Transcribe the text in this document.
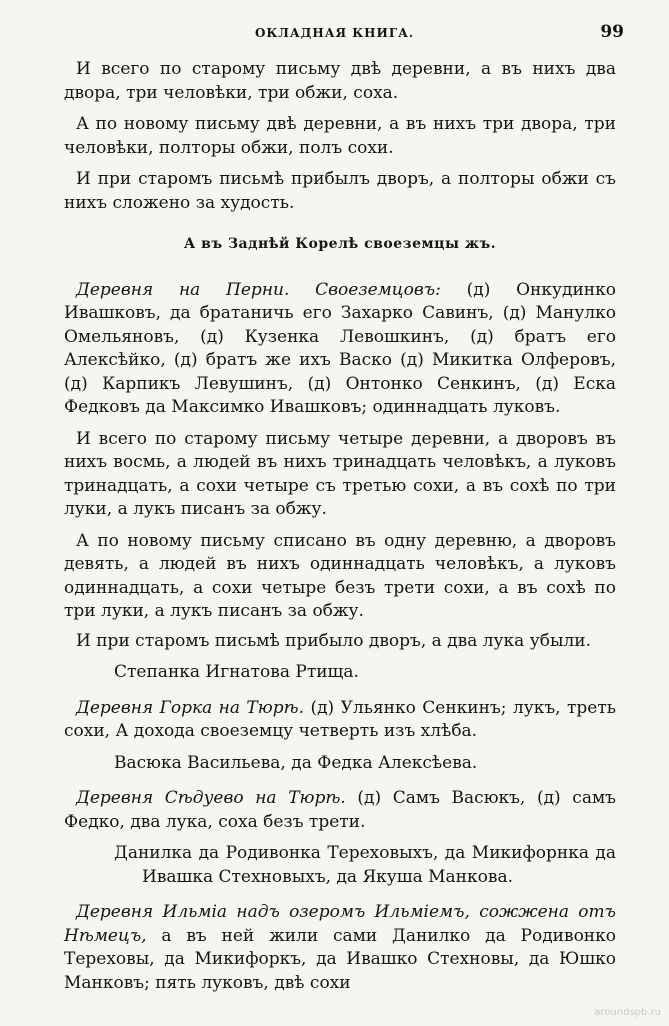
ОКЛАДНАЯ КНИГА.	99

И всего по старому письму двѣ деревни, а въ нихъ два двора, три человѣки, три обжи, соха.

А по новому письму двѣ деревни, а въ нихъ три двора, три человѣки, полторы обжи, полъ сохи.

И при старомъ письмѣ прибылъ дворъ, а полторы обжи съ нихъ сложено за худость.

А въ Заднѣй Корелѣ своеземцы жъ.

Деревня на Перни. Своеземцовъ: (д) Онкудинко Ивашковъ, да братаничь его Захарко Савинъ, (д) Манулко Омельяновъ, (д) Кузенка Левошкинъ, (д) братъ его Алексѣйко, (д) братъ же ихъ Васко (д) Микитка Олферовъ, (д) Карпикъ Левушинъ, (д) Онтонко Сенкинъ, (д) Еска Федковъ да Максимко Ивашковъ; одиннадцать луковъ.

И всего по старому письму четыре деревни, а дворовъ въ нихъ восмь, а людей въ нихъ тринадцать человѣкъ, а луковъ тринадцать, а сохи четыре съ третью сохи, а въ сохѣ по три луки, а лукъ писанъ за обжу.

А по новому письму списано въ одну деревню, а дворовъ девять, а людей въ нихъ одиннадцать человѣкъ, а луковъ одиннадцать, а сохи четыре безъ трети сохи, а въ сохѣ по три луки, а лукъ писанъ за обжу.

И при старомъ письмѣ прибыло дворъ, а два лука убыли.

Степанка Игнатова Ртища.

Деревня Горка на Тюрѣ. (д) Ульянко Сенкинъ; лукъ, треть сохи, А дохода своеземцу четверть изъ хлѣба.

Васюка Васильева, да Федка Алексѣева.

Деревня Сѣдуево на Тюрѣ. (д) Самъ Васюкъ, (д) самъ Федко, два лука, соха безъ трети.

Данилка да Родивонка Тереховыхъ, да Микифорнка да Ивашка Стехновыхъ, да Якуша Манкова.

Деревня Ильмiа надъ озеромъ Ильмiемъ, сожжена отъ Нѣмецъ, а въ ней жили сами Данилко да Родивонко Тереховы, да Микифоркъ, да Ивашко Стехновы, да Юшко Манковъ; пять луковъ, двѣ сохи

aroundspb.ru
